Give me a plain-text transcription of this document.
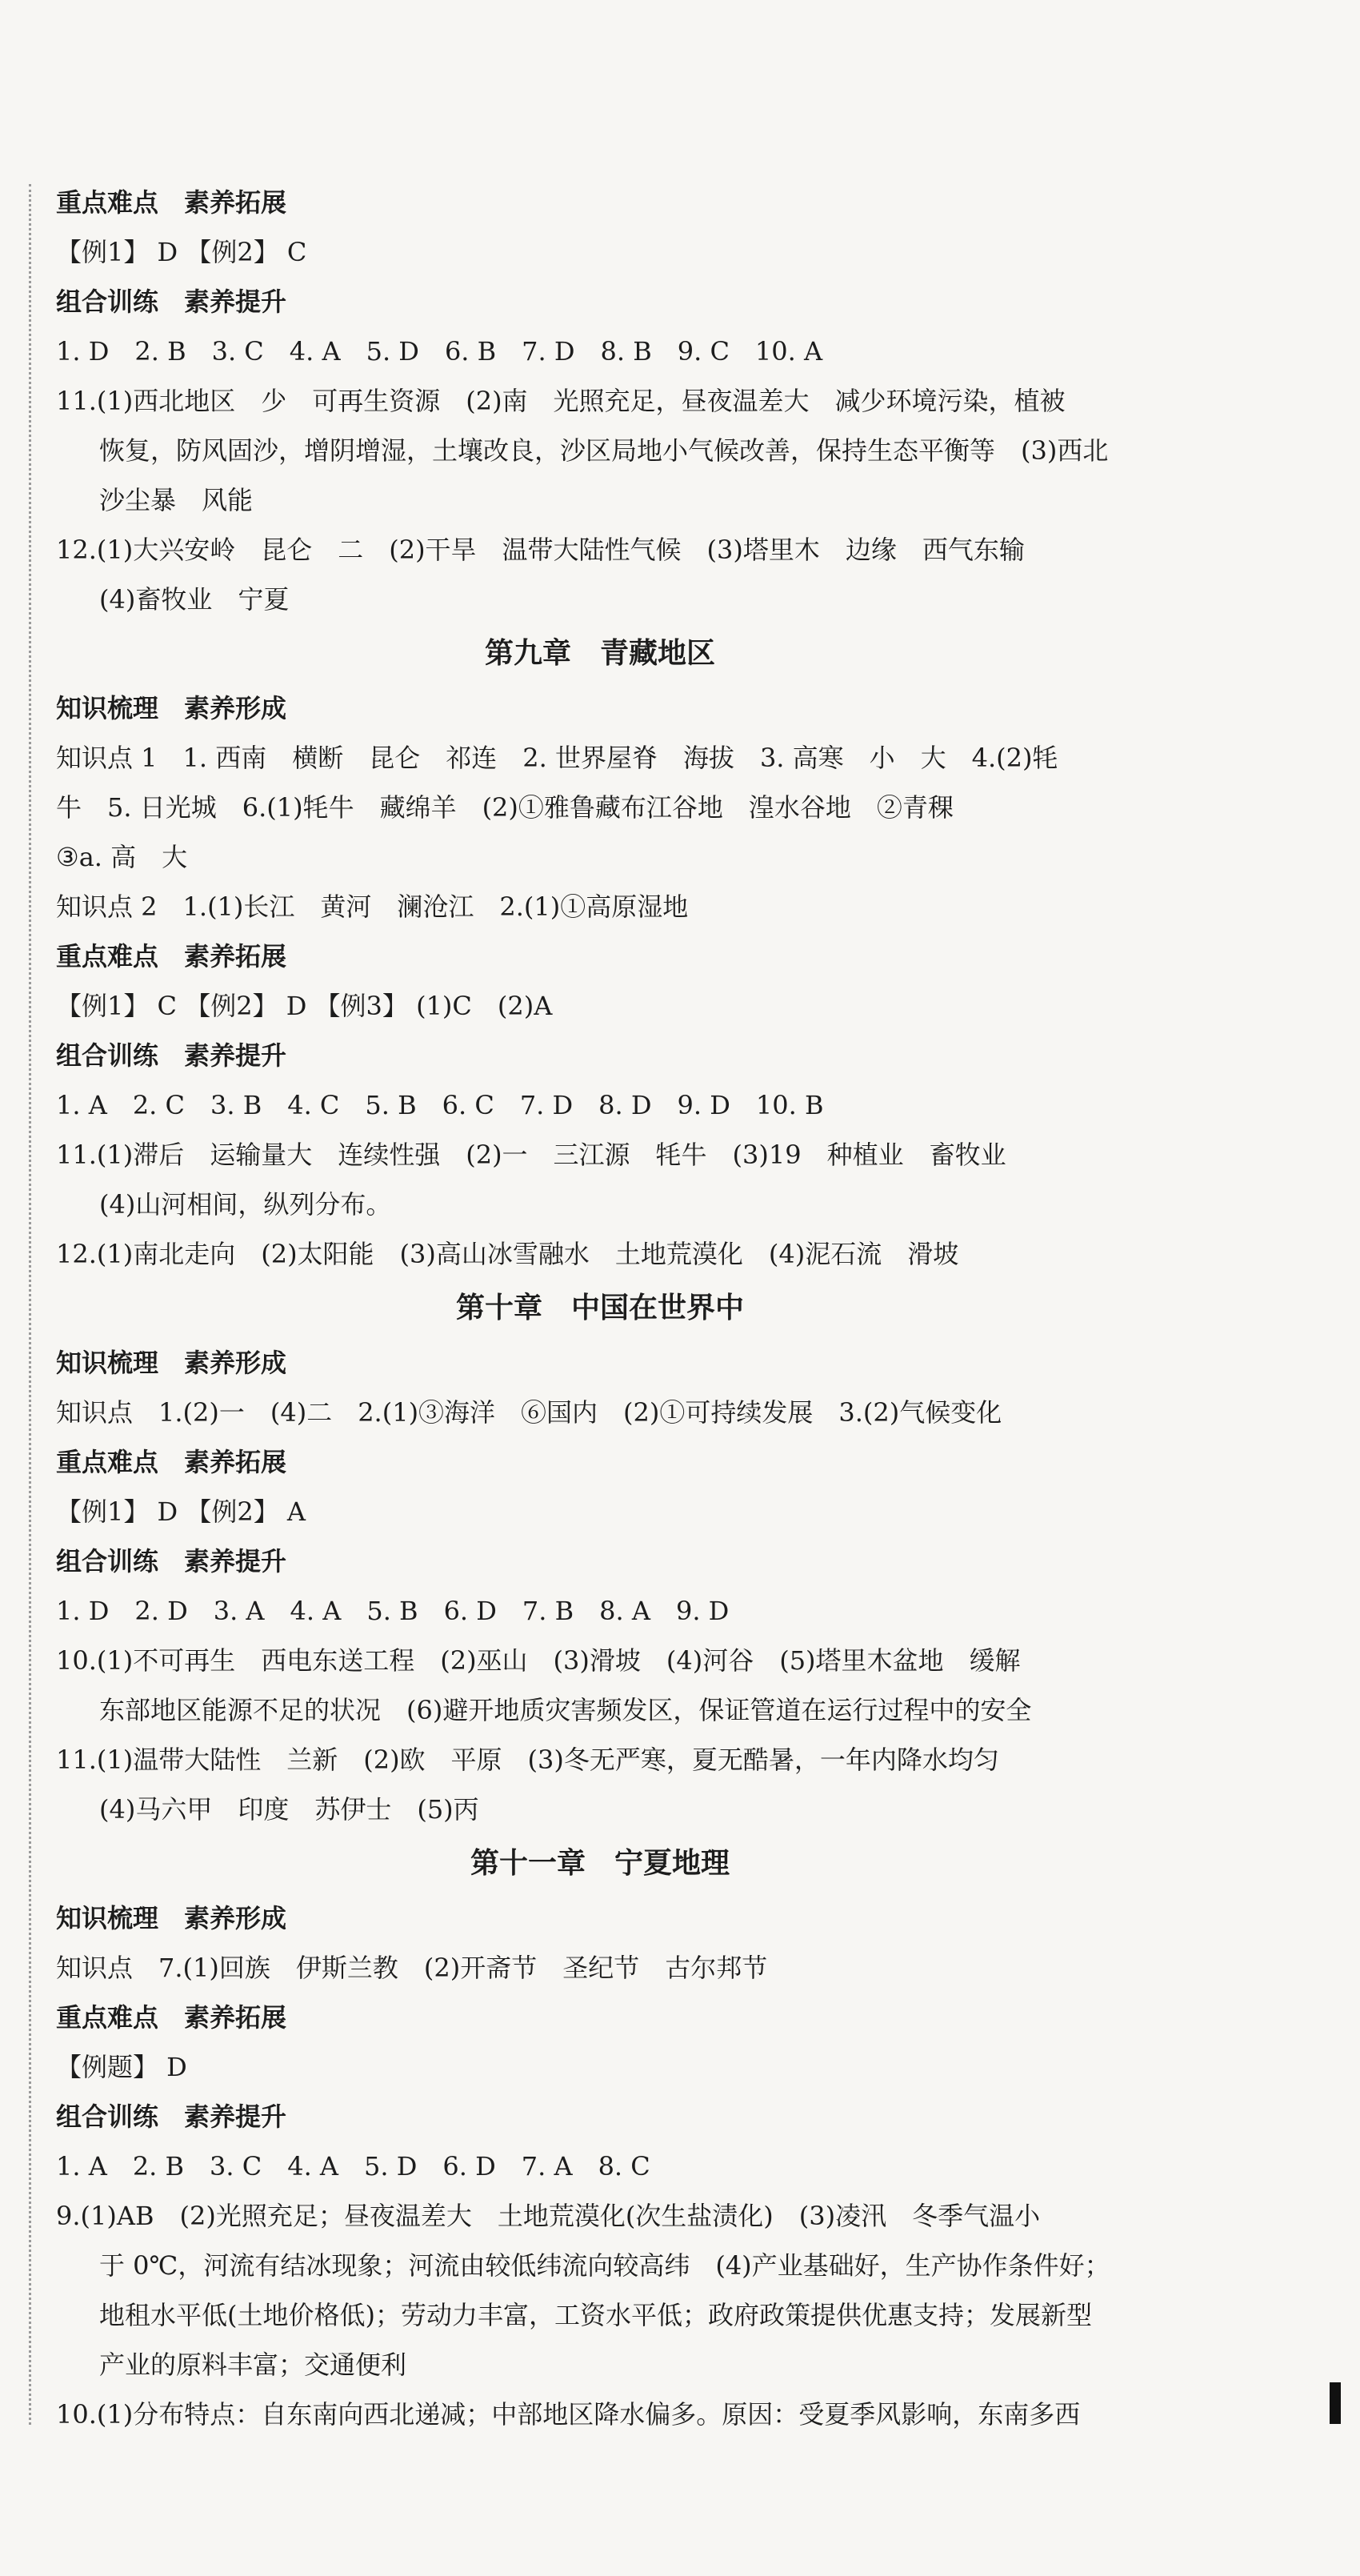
重点难点　素养拓展
【例1】 D 【例2】 C
组合训练　素养提升
1. D　2. B　3. C　4. A　5. D　6. B　7. D　8. B　9. C　10. A
11.(1)西北地区　少　可再生资源　(2)南　光照充足，昼夜温差大　减少环境污染，植被
恢复，防风固沙，增阴增湿，土壤改良，沙区局地小气候改善，保持生态平衡等　(3)西北
沙尘暴　风能
12.(1)大兴安岭　昆仑　二　(2)干旱　温带大陆性气候　(3)塔里木　边缘　西气东输
(4)畜牧业　宁夏
第九章　青藏地区
知识梳理　素养形成
知识点 1　1. 西南　横断　昆仑　祁连　2. 世界屋脊　海拔　3. 高寒　小　大　4.(2)牦
牛　5. 日光城　6.(1)牦牛　藏绵羊　(2)①雅鲁藏布江谷地　湟水谷地　②青稞
③a. 高　大
知识点 2　1.(1)长江　黄河　澜沧江　2.(1)①高原湿地
重点难点　素养拓展
【例1】 C 【例2】 D 【例3】 (1)C　(2)A
组合训练　素养提升
1. A　2. C　3. B　4. C　5. B　6. C　7. D　8. D　9. D　10. B
11.(1)滞后　运输量大　连续性强　(2)一　三江源　牦牛　(3)19　种植业　畜牧业
(4)山河相间，纵列分布。
12.(1)南北走向　(2)太阳能　(3)高山冰雪融水　土地荒漠化　(4)泥石流　滑坡
第十章　中国在世界中
知识梳理　素养形成
知识点　1.(2)一　(4)二　2.(1)③海洋　⑥国内　(2)①可持续发展　3.(2)气候变化
重点难点　素养拓展
【例1】 D 【例2】 A
组合训练　素养提升
1. D　2. D　3. A　4. A　5. B　6. D　7. B　8. A　9. D
10.(1)不可再生　西电东送工程　(2)巫山　(3)滑坡　(4)河谷　(5)塔里木盆地　缓解
东部地区能源不足的状况　(6)避开地质灾害频发区，保证管道在运行过程中的安全
11.(1)温带大陆性　兰新　(2)欧　平原　(3)冬无严寒，夏无酷暑，一年内降水均匀
(4)马六甲　印度　苏伊士　(5)丙
第十一章　宁夏地理
知识梳理　素养形成
知识点　7.(1)回族　伊斯兰教　(2)开斋节　圣纪节　古尔邦节
重点难点　素养拓展
【例题】 D
组合训练　素养提升
1. A　2. B　3. C　4. A　5. D　6. D　7. A　8. C
9.(1)AB　(2)光照充足；昼夜温差大　土地荒漠化(次生盐渍化)　(3)凌汛　冬季气温小
于 0℃，河流有结冰现象；河流由较低纬流向较高纬　(4)产业基础好，生产协作条件好；
地租水平低(土地价格低)；劳动力丰富，工资水平低；政府政策提供优惠支持；发展新型
产业的原料丰富；交通便利
10.(1)分布特点：自东南向西北递减；中部地区降水偏多。原因：受夏季风影响，东南多西
